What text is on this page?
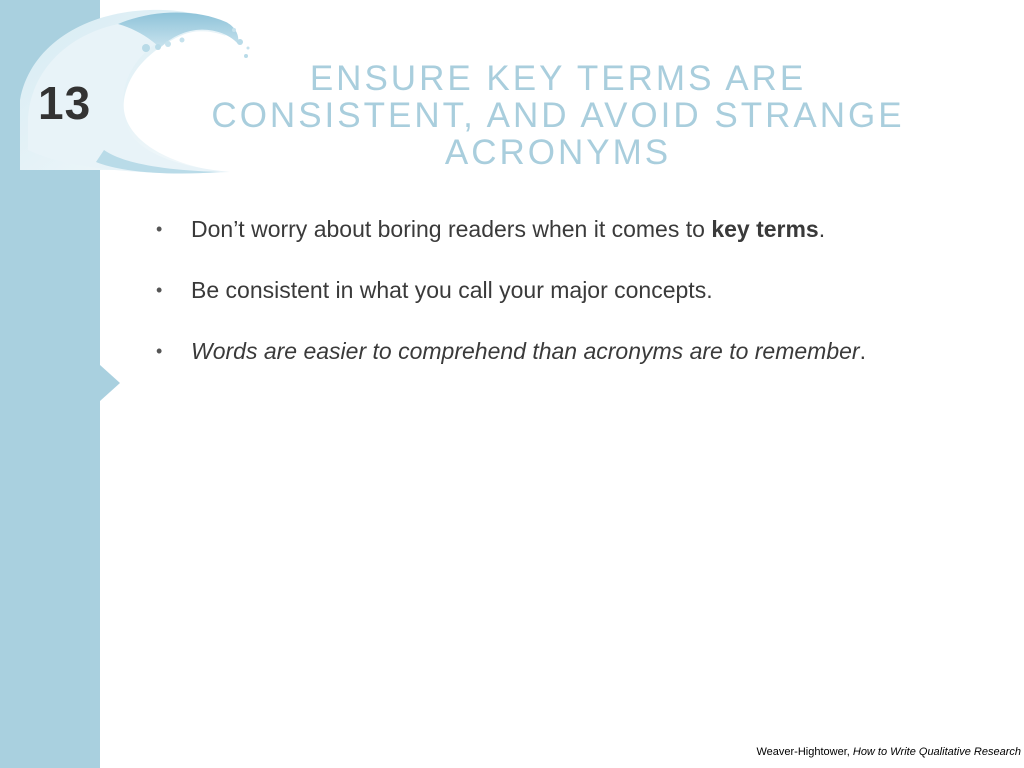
13	ENSURE KEY TERMS ARE
CONSISTENT, AND AVOID STRANGE
ACRONYMS
• Don’t worry about boring readers when it comes to key terms.
• Be consistent in what you call your major concepts.
• Words are easier to comprehend than acronyms are to remember.
Weaver-Hightower, How to Write Qualitative Research
